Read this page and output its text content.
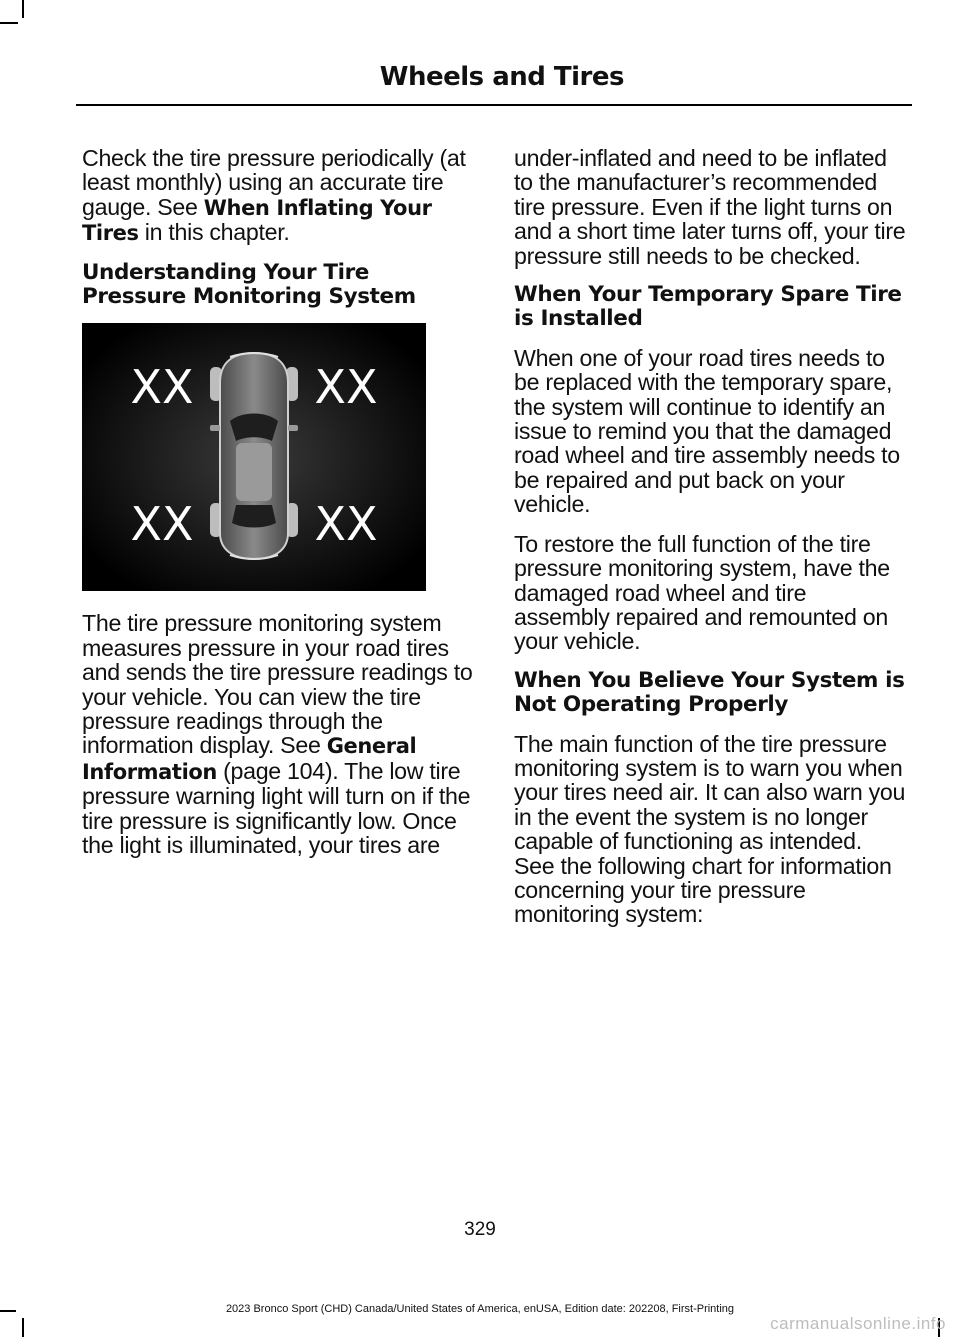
Wheels and Tires

Check the tire pressure periodically (at least monthly) using an accurate tire gauge. See When Inflating Your Tires in this chapter.

Understanding Your Tire Pressure Monitoring System
XX	XX
XX	XX

The tire pressure monitoring system measures pressure in your road tires and sends the tire pressure readings to your vehicle. You can view the tire pressure readings through the information display. See General Information (page 104). The low tire pressure warning light will turn on if the tire pressure is significantly low. Once the light is illuminated, your tires are

under-inflated and need to be inflated to the manufacturer’s recommended tire pressure. Even if the light turns on and a short time later turns off, your tire pressure still needs to be checked.

When Your Temporary Spare Tire is Installed

When one of your road tires needs to be replaced with the temporary spare, the system will continue to identify an issue to remind you that the damaged road wheel and tire assembly needs to be repaired and put back on your vehicle.

To restore the full function of the tire pressure monitoring system, have the damaged road wheel and tire assembly repaired and remounted on your vehicle.

When You Believe Your System is Not Operating Properly

The main function of the tire pressure monitoring system is to warn you when your tires need air. It can also warn you in the event the system is no longer capable of functioning as intended. See the following chart for information concerning your tire pressure monitoring system:

329
2023 Bronco Sport (CHD) Canada/United States of America, enUSA, Edition date: 202208, First-Printing
carmanualsonline.info
